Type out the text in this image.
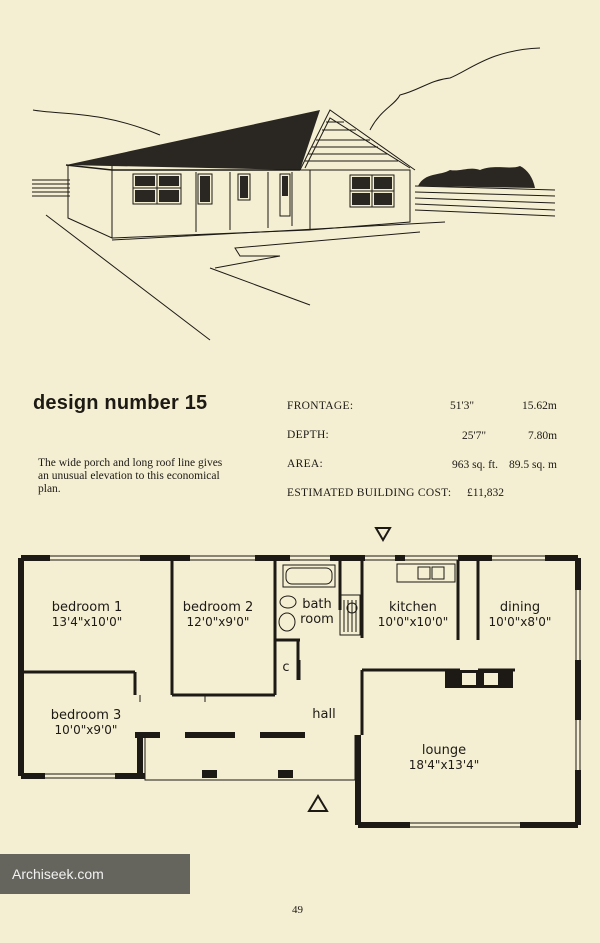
design number 15
The wide porch and long roof line gives an unusual elevation to this economical plan.
FRONTAGE:	51'3"	15.62m
DEPTH:	25'7"	7.80m
AREA:	963 sq. ft. 89.5 sq. m
ESTIMATED BUILDING COST: £11,832
bedroom 1
13'4"x10'0"
bedroom 2
12'0"x9'0"
bedroom 3
10'0"x9'0"
bath
room
c
kitchen
10'0"x10'0"
dining
10'0"x8'0"
hall
lounge
18'4"x13'4"
Archiseek.com
49
